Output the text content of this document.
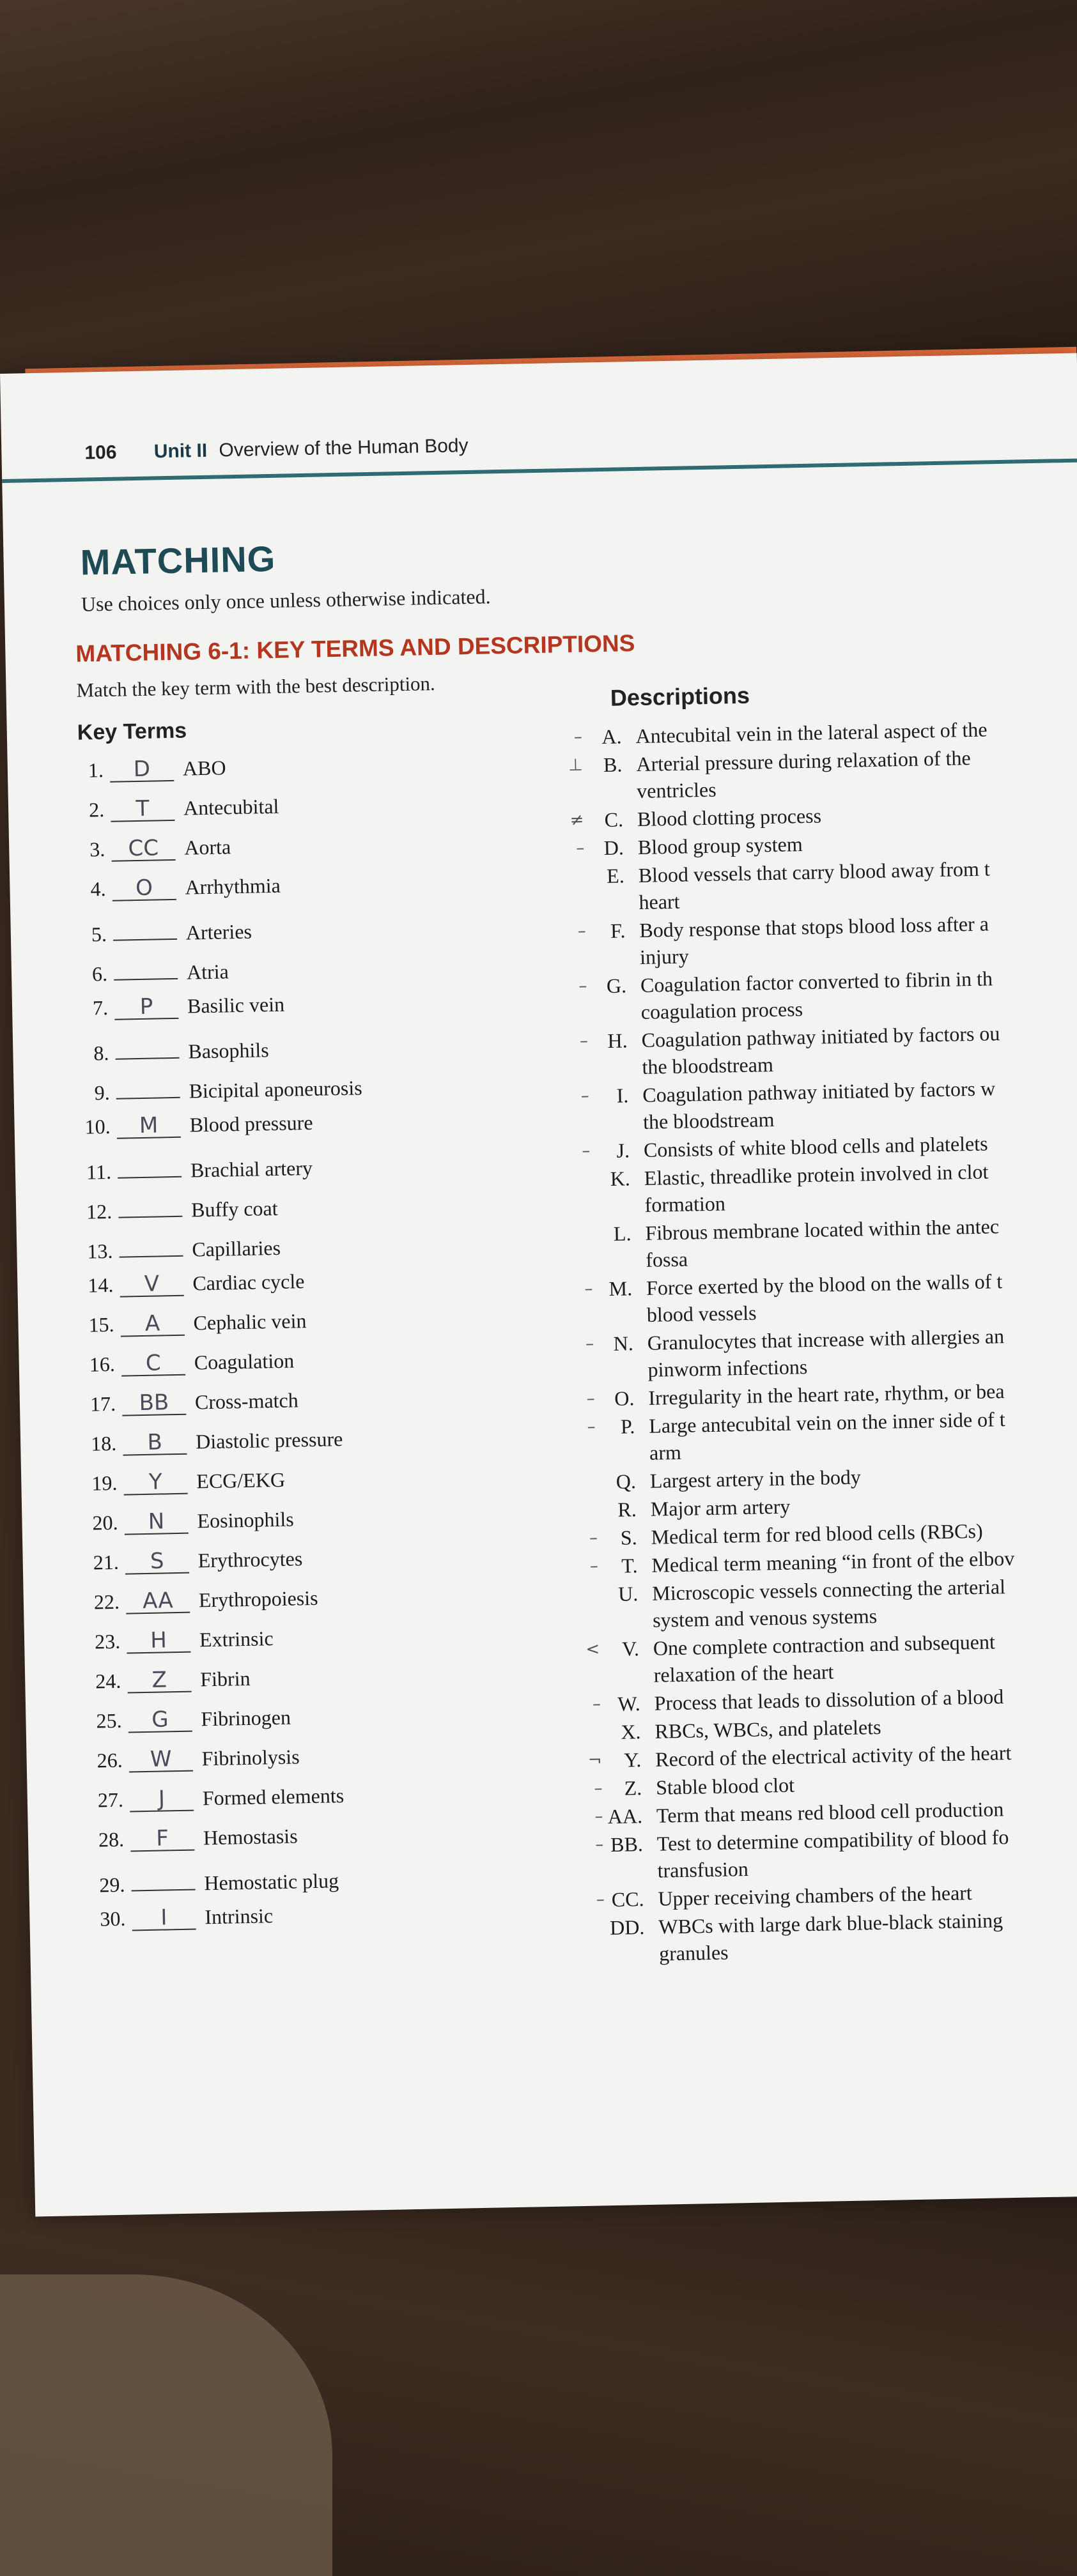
106 Unit II Overview of the Human Body
MATCHING
Use choices only once unless otherwise indicated.
MATCHING 6-1: KEY TERMS AND DESCRIPTIONS
Match the key term with the best description.
Key Terms
Descriptions
1.	D	ABO
2.	T	Antecubital
3.	CC	Aorta
4.	O	Arrhythmia
5.	Arteries
6.	Atria
7.	P	Basilic vein
8.	Basophils
9.	Bicipital aponeurosis
10.	M	Blood pressure
11.	Brachial artery
12.	Buffy coat
13.	Capillaries
14.	V	Cardiac cycle
15.	A	Cephalic vein
16.	C	Coagulation
17.	BB	Cross-match
18.	B	Diastolic pressure
19.	Y	ECG/EKG
20.	N	Eosinophils
21.	S	Erythrocytes
22.	AA	Erythropoiesis
23.	H	Extrinsic
24.	Z	Fibrin
25.	G	Fibrinogen
26.	W	Fibrinolysis
27.	J	Formed elements
28.	F	Hemostasis
29.	Hemostatic plug
30.	I	Intrinsic
– A. Antecubital vein in the lateral aspect of the
⊥ B. Arterial pressure during relaxation of the
ventricles
≠ C. Blood clotting process
– D. Blood group system
E. Blood vessels that carry blood away from t
heart
–	F. Body response that stops blood loss after a
injury
– G. Coagulation factor converted to fibrin in th
coagulation process
– H. Coagulation pathway initiated by factors ou
the bloodstream
–	I. Coagulation pathway initiated by factors w
the bloodstream
–	J. Consists of white blood cells and platelets
K. Elastic, threadlike protein involved in clot
formation
L. Fibrous membrane located within the antec
fossa
– M. Force exerted by the blood on the walls of t
blood vessels
– N. Granulocytes that increase with allergies an
pinworm infections
– O. Irregularity in the heart rate, rhythm, or bea
–	P. Large antecubital vein on the inner side of t
arm
Q. Largest artery in the body
R. Major arm artery
–	S. Medical term for red blood cells (RBCs)
–	T. Medical term meaning “in front of the elbov
U. Microscopic vessels connecting the arterial
system and venous systems
<	V. One complete contraction and subsequent
relaxation of the heart
– W. Process that leads to dissolution of a blood
X. RBCs, WBCs, and platelets
¬	Y. Record of the electrical activity of the heart
–	Z. Stable blood clot
– AA. Term that means red blood cell production
– BB. Test to determine compatibility of blood fo
transfusion
– CC. Upper receiving chambers of the heart
DD. WBCs with large dark blue-black staining
granules
